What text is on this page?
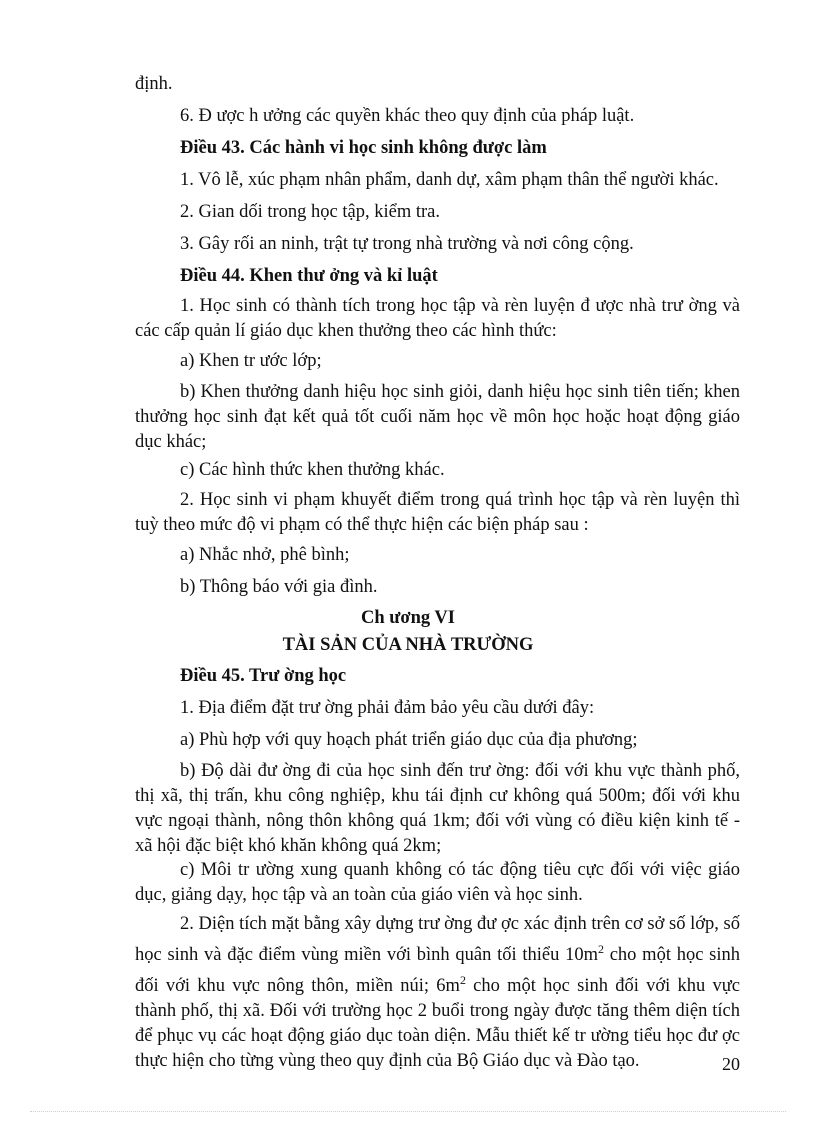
định.

6. Đ ược h ưởng các quyền khác theo quy định của pháp luật.

Điều 43. Các hành vi học sinh không được làm

1. Vô lễ, xúc phạm nhân phẩm, danh dự, xâm phạm thân thể người khác.

2. Gian dối trong học tập, kiểm tra.

3. Gây rối an ninh, trật tự trong nhà trường và nơi công cộng.

Điều 44. Khen thư ởng và kỉ luật

1. Học sinh có thành tích trong học tập và rèn luyện đ ược nhà trư ờng và các cấp quản lí giáo dục khen thưởng theo các hình thức:

a) Khen tr ước lớp;

b) Khen thưởng danh hiệu học sinh giỏi, danh hiệu học sinh tiên tiến; khen thưởng học sinh đạt kết quả tốt cuối năm học về môn học hoặc hoạt động giáo dục khác;

c) Các hình thức khen thưởng khác.

2. Học sinh vi phạm khuyết điểm trong quá trình học tập và rèn luyện thì tuỳ theo mức độ vi phạm có thể thực hiện các biện pháp sau :

a) Nhắc nhở, phê bình;

b) Thông báo với gia đình.

Ch ương VI

TÀI SẢN CỦA NHÀ TRƯỜNG

Điều 45. Trư ờng học

1. Địa điểm đặt trư ờng phải đảm bảo yêu cầu dưới đây:

a) Phù hợp với quy hoạch phát triển giáo dục của địa phương;

b) Độ dài đư ờng đi của học sinh đến trư ờng: đối với khu vực thành phố, thị xã, thị trấn, khu công nghiệp, khu tái định cư không quá 500m; đối với khu vực ngoại thành, nông thôn không quá 1km; đối với vùng có điều kiện kinh tế - xã hội đặc biệt khó khăn không quá 2km;

c) Môi tr ường xung quanh không có tác động tiêu cực đối với việc giáo dục, giảng dạy, học tập và an toàn của giáo viên và học sinh.

2. Diện tích mặt bằng xây dựng trư ờng đư ợc xác định trên cơ sở số lớp, số học sinh và đặc điểm vùng miền với bình quân tối thiểu $10m^2$ cho một học sinh đối với khu vực nông thôn, miền núi; $6m^2$ cho một học sinh đối với khu vực thành phố, thị xã. Đối với trường học 2 buổi trong ngày được tăng thêm diện tích để phục vụ các hoạt động giáo dục toàn diện. Mẫu thiết kế tr ường tiểu học đư ợc thực hiện cho từng vùng theo quy định của Bộ Giáo dục và Đào tạo.	20
